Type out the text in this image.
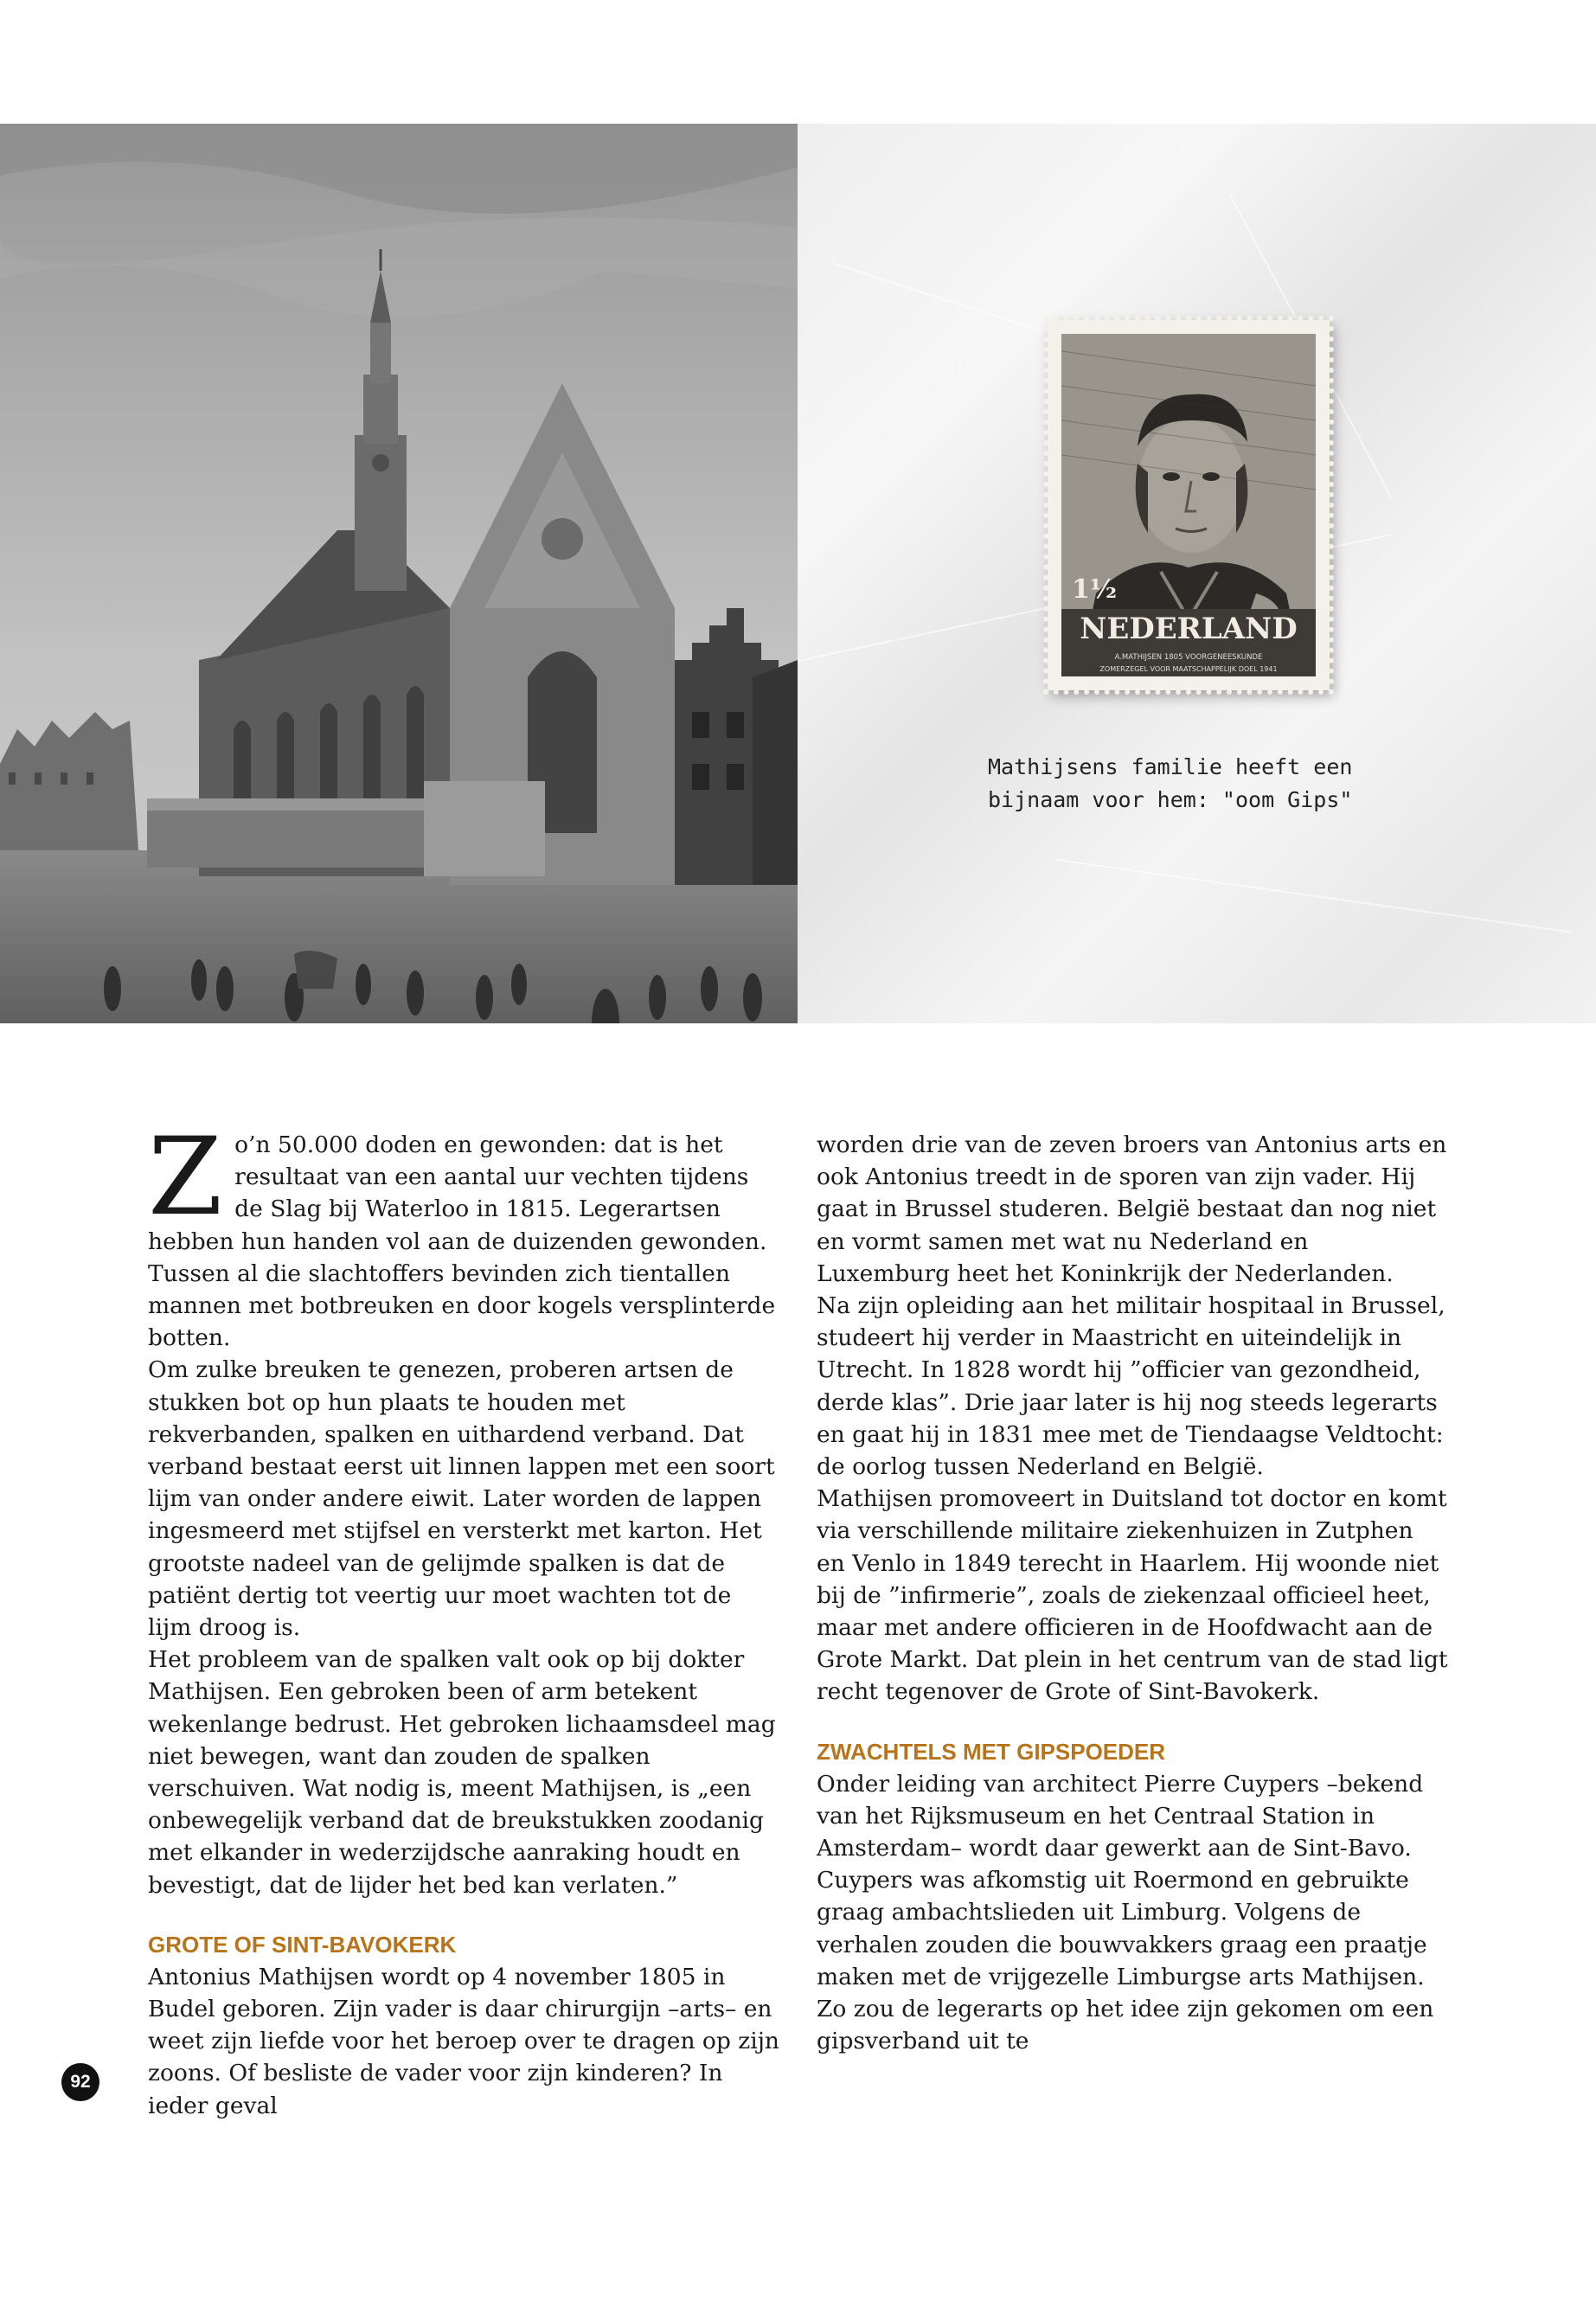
1½
NEDERLAND
A.MATHIJSEN 1805 VOORGENEESKUNDE
ZOMERZEGEL VOOR MAATSCHAPPELIJK DOEL 1941
Mathijsens familie heeft een
bijnaam voor hem: "oom Gips"

Zo’n 50.000 doden en gewonden: dat is het resultaat van een aantal uur vechten tijdens de Slag bij Waterloo in 1815. Legerartsen hebben hun handen vol aan de duizenden gewonden. Tussen al die slachtoffers bevinden zich tientallen mannen met botbreuken en door kogels versplinterde botten.

Om zulke breuken te genezen, proberen artsen de stukken bot op hun plaats te houden met rekverbanden, spalken en uithardend verband. Dat verband bestaat eerst uit linnen lappen met een soort lijm van onder andere eiwit. Later worden de lappen ingesmeerd met stijfsel en versterkt met karton. Het grootste nadeel van de gelijmde spalken is dat de patiënt dertig tot veertig uur moet wachten tot de lijm droog is.

Het probleem van de spalken valt ook op bij dokter Mathijsen. Een gebroken been of arm betekent wekenlange bedrust. Het gebroken lichaamsdeel mag niet bewegen, want dan zouden de spalken verschuiven. Wat nodig is, meent Mathijsen, is „een onbewegelijk verband dat de breukstukken zoodanig met elkander in wederzijdsche aanraking houdt en bevestigt, dat de lijder het bed kan verlaten.”

GROTE OF SINT-BAVOKERK

Antonius Mathijsen wordt op 4 november 1805 in Budel geboren. Zijn vader is daar chirurgijn –arts– en weet zijn liefde voor het beroep over te dragen op zijn zoons. Of besliste de vader voor zijn kinderen? In ieder geval

worden drie van de zeven broers van Antonius arts en ook Antonius treedt in de sporen van zijn vader. Hij gaat in Brussel studeren. België bestaat dan nog niet en vormt samen met wat nu Nederland en Luxemburg heet het Koninkrijk der Nederlanden.

Na zijn opleiding aan het militair hospitaal in Brussel, studeert hij verder in Maastricht en uiteindelijk in Utrecht. In 1828 wordt hij ”officier van gezondheid, derde klas”. Drie jaar later is hij nog steeds legerarts en gaat hij in 1831 mee met de Tiendaagse Veldtocht: de oorlog tussen Nederland en België.

Mathijsen promoveert in Duitsland tot doctor en komt via verschillende militaire ziekenhuizen in Zutphen en Venlo in 1849 terecht in Haarlem. Hij woonde niet bij de ”infirmerie”, zoals de ziekenzaal officieel heet, maar met andere officieren in de Hoofdwacht aan de Grote Markt. Dat plein in het centrum van de stad ligt recht tegenover de Grote of Sint-Bavokerk.

ZWACHTELS MET GIPSPOEDER

Onder leiding van architect Pierre Cuypers –bekend van het Rijksmuseum en het Centraal Station in Amsterdam– wordt daar gewerkt aan de Sint-Bavo. Cuypers was afkomstig uit Roermond en gebruikte graag ambachtslieden uit Limburg. Volgens de verhalen zouden die bouwvakkers graag een praatje maken met de vrijgezelle Limburgse arts Mathijsen. Zo zou de legerarts op het idee zijn gekomen om een gipsverband uit te

92
